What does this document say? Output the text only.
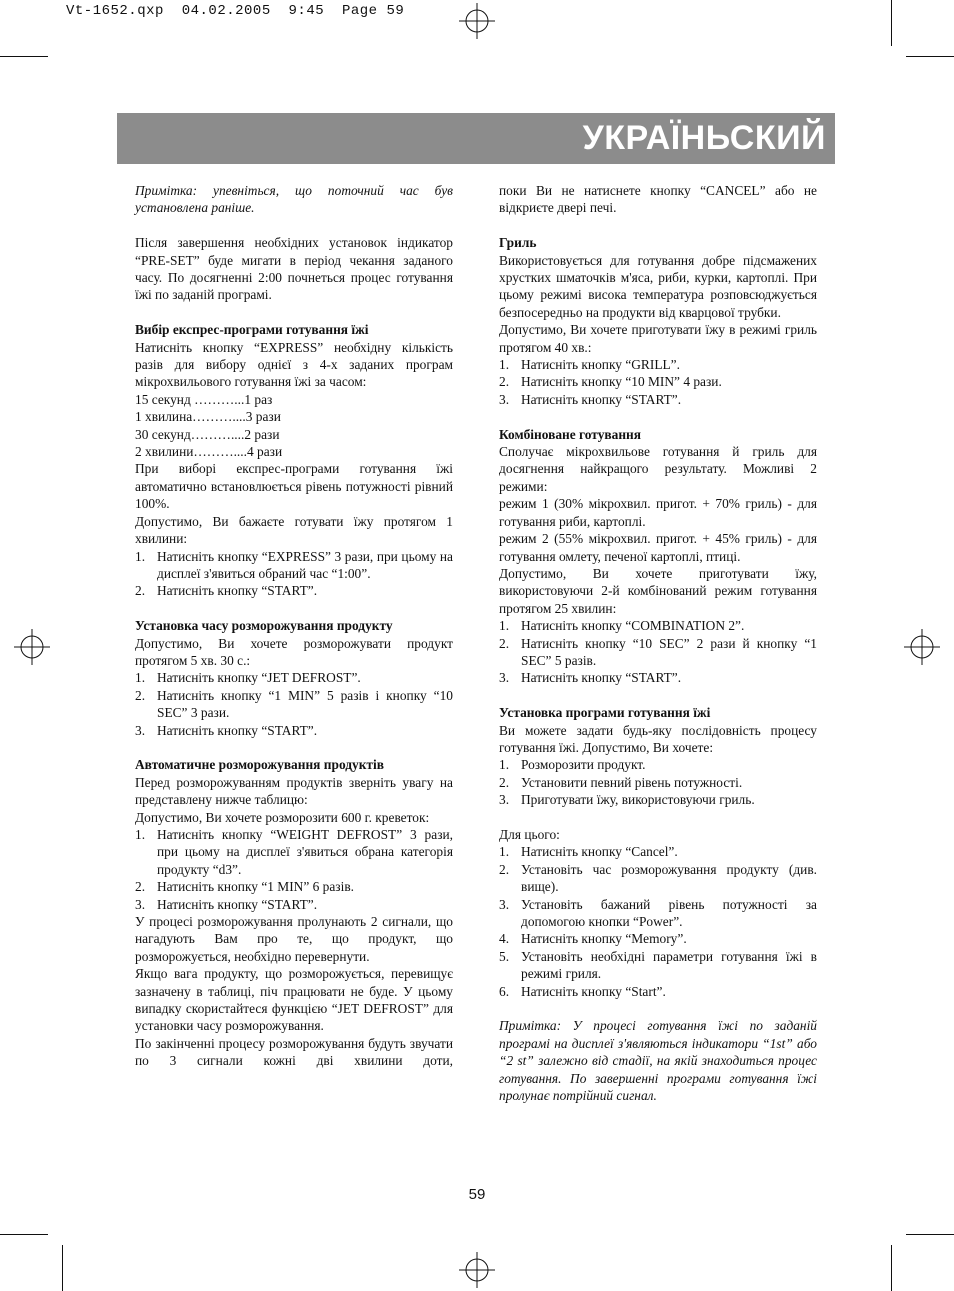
Vt-1652.qxp  04.02.2005  9:45  Page 59
УКРАЇНЬСКИЙ

Примітка: упевніться, що поточний час був установлена раніше.

Після завершення необхідних установок індикатор “PRE-SET” буде мигати в період чекання заданого часу. По досягненні 2:00 почнеться процес готування їжі по заданій програмі.

Вибір експрес-програми готування їжі

Натисніть кнопку “EXPRESS” необхідну кількість разів для вибору однієї з 4-х заданих програм мікрохвильового готування їжі за часом:

15 секунд ………...1 раз

1 хвилина………....3 рази

30 секунд………....2 рази

2 хвилини………....4 рази

При виборі експрес-програми готування їжі автоматично встановлюється рівень потужності рівний 100%.

Допустимо, Ви бажаєте готувати їжу протягом 1 хвилини:

1. Натисніть кнопку “EXPRESS” 3 рази, при цьому на дисплеї з'явиться обраний час “1:00”.
2. Натисніть кнопку “START”.

Установка часу розморожування продукту

Допустимо, Ви хочете розморожувати продукт протягом 5 хв. 30 с.:

1. Натисніть кнопку “JET DEFROST”.
2. Натисніть кнопку “1 MIN” 5 разів і кнопку “10 SEC” 3 рази.
3. Натисніть кнопку “START”.

Автоматичне розморожування продуктів

Перед розморожуванням продуктів зверніть увагу на представлену нижче таблицю:

Допустимо, Ви хочете розморозити 600 г. креветок:

1. Натисніть кнопку “WEIGHT DEFROST” 3 рази, при цьому на дисплеї з'явиться обрана категорія продукту “d3”.
2. Натисніть кнопку “1 MIN” 6 разів.
3. Натисніть кнопку “START”.

У процесі розморожування пролунають 2 сигнали, що нагадують Вам про те, що продукт, що розморожується, необхідно перевернути.

Якщо вага продукту, що розморожується, перевищує зазначену в таблиці, піч працювати не буде. У цьому випадку скористайтеся функцією “JET DEFROST” для установки часу розморожування.

По закінченні процесу розморожування будуть звучати по 3 сигнали кожні дві хвилини доти,

поки Ви не натиснете кнопку “CANCEL” або не відкриєте двері печі.

Гриль

Використовується для готування добре підсмажених хрустких шматочків м'яса, риби, курки, картоплі. При цьому режимі висока температура розповсюджується безпосередньо на продукти від кварцової трубки.

Допустимо, Ви хочете приготувати їжу в режимі гриль протягом 40 хв.:

1. Натисніть кнопку “GRILL”.
2. Натисніть кнопку “10 MIN” 4 рази.
3. Натисніть кнопку “START”.

Комбіноване готування

Сполучає мікрохвильове готування й гриль для досягнення найкращого результату. Можливі 2 режими:

режим 1 (30% мікрохвил. пригот. + 70% гриль) - для готування риби, картоплі.

режим 2 (55% мікрохвил. пригот. + 45% гриль) - для готування омлету, печеної картоплі, птиці.

Допустимо, Ви хочете приготувати їжу, використовуючи 2-й комбінований режим готування протягом 25 хвилин:

1. Натисніть кнопку “COMBINATION 2”.
2. Натисніть кнопку “10 SEC” 2 рази й кнопку “1 SEC” 5 разів.
3. Натисніть кнопку “START”.

Установка програми готування їжі

Ви можете задати будь-яку послідовність процесу готування їжі. Допустимо, Ви хочете:

1. Розморозити продукт.
2. Установити певний рівень потужності.
3. Приготувати їжу, використовуючи гриль.

Для цього:

1. Натисніть кнопку “Cancel”.
2. Установіть час розморожування продукту (див. вище).
3. Установіть бажаний рівень потужності за допомогою кнопки “Power”.
4. Натисніть кнопку “Memory”.
5. Установіть необхідні параметри готування їжі в режимі гриля.
6. Натисніть кнопку “Start”.

Примітка: У процесі готування їжі по заданій програмі на дисплеї з'являються індикатори “1st” або “2 st” залежно від стадії, на якій знаходиться процес готування. По завершенні програми готування їжі пролунає потрійний сигнал.

59
